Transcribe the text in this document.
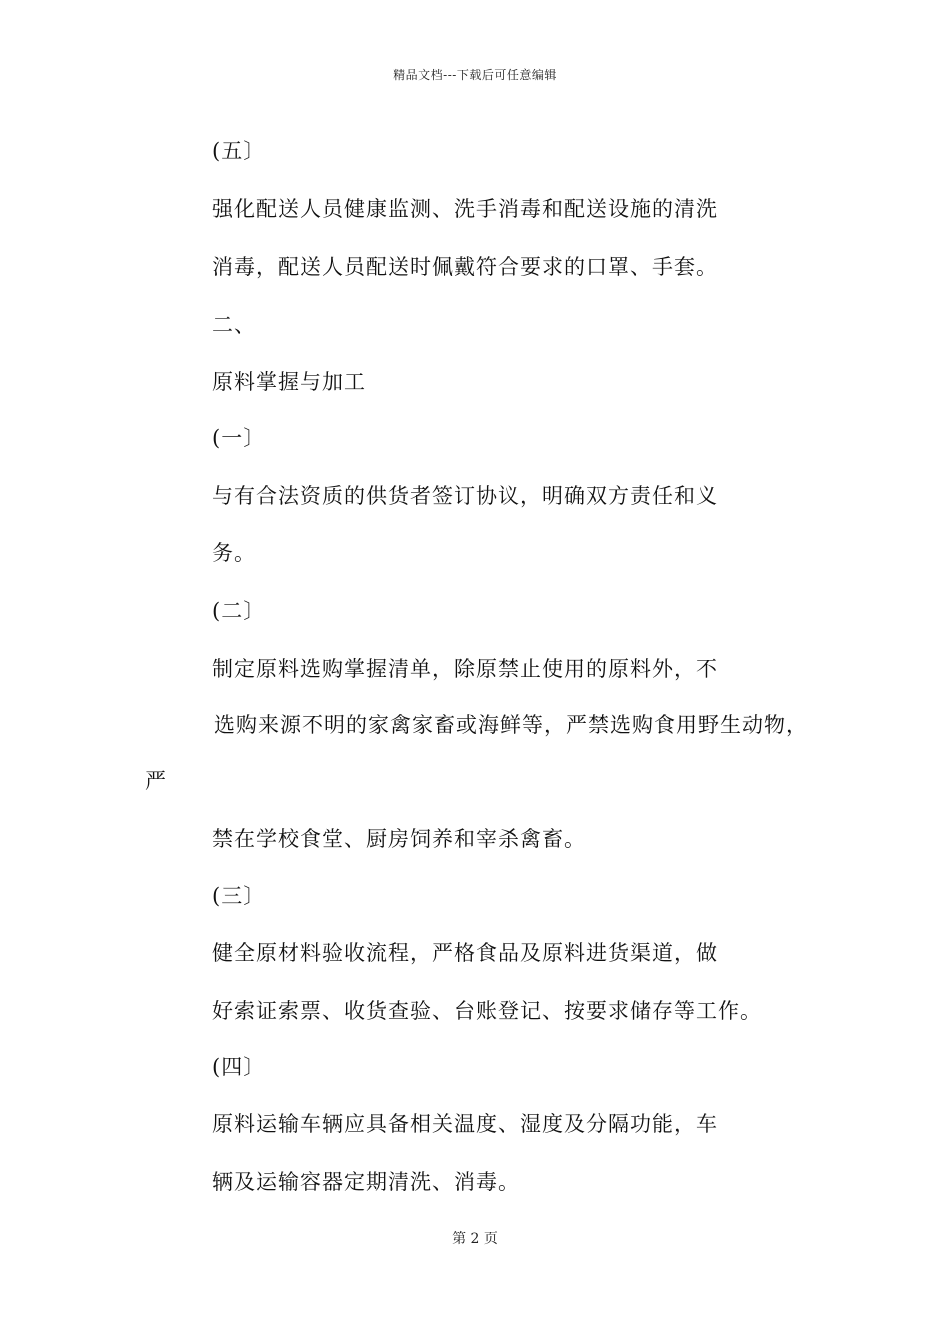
精品文档---下载后可任意编辑
(五〕
强化配送人员健康监测、洗手消毒和配送设施的清洗
消毒，配送人员配送时佩戴符合要求的口罩、手套。
二、
原料掌握与加工
(一〕
与有合法资质的供货者签订协议，明确双方责任和义
务。
(二〕
制定原料选购掌握清单，除原禁止使用的原料外，不
选购来源不明的家禽家畜或海鲜等，严禁选购食用野生动物，
严
禁在学校食堂、厨房饲养和宰杀禽畜。
(三〕
健全原材料验收流程，严格食品及原料进货渠道，做
好索证索票、收货查验、台账登记、按要求储存等工作。
(四〕
原料运输车辆应具备相关温度、湿度及分隔功能，车
辆及运输容器定期清洗、消毒。
第 2 页
